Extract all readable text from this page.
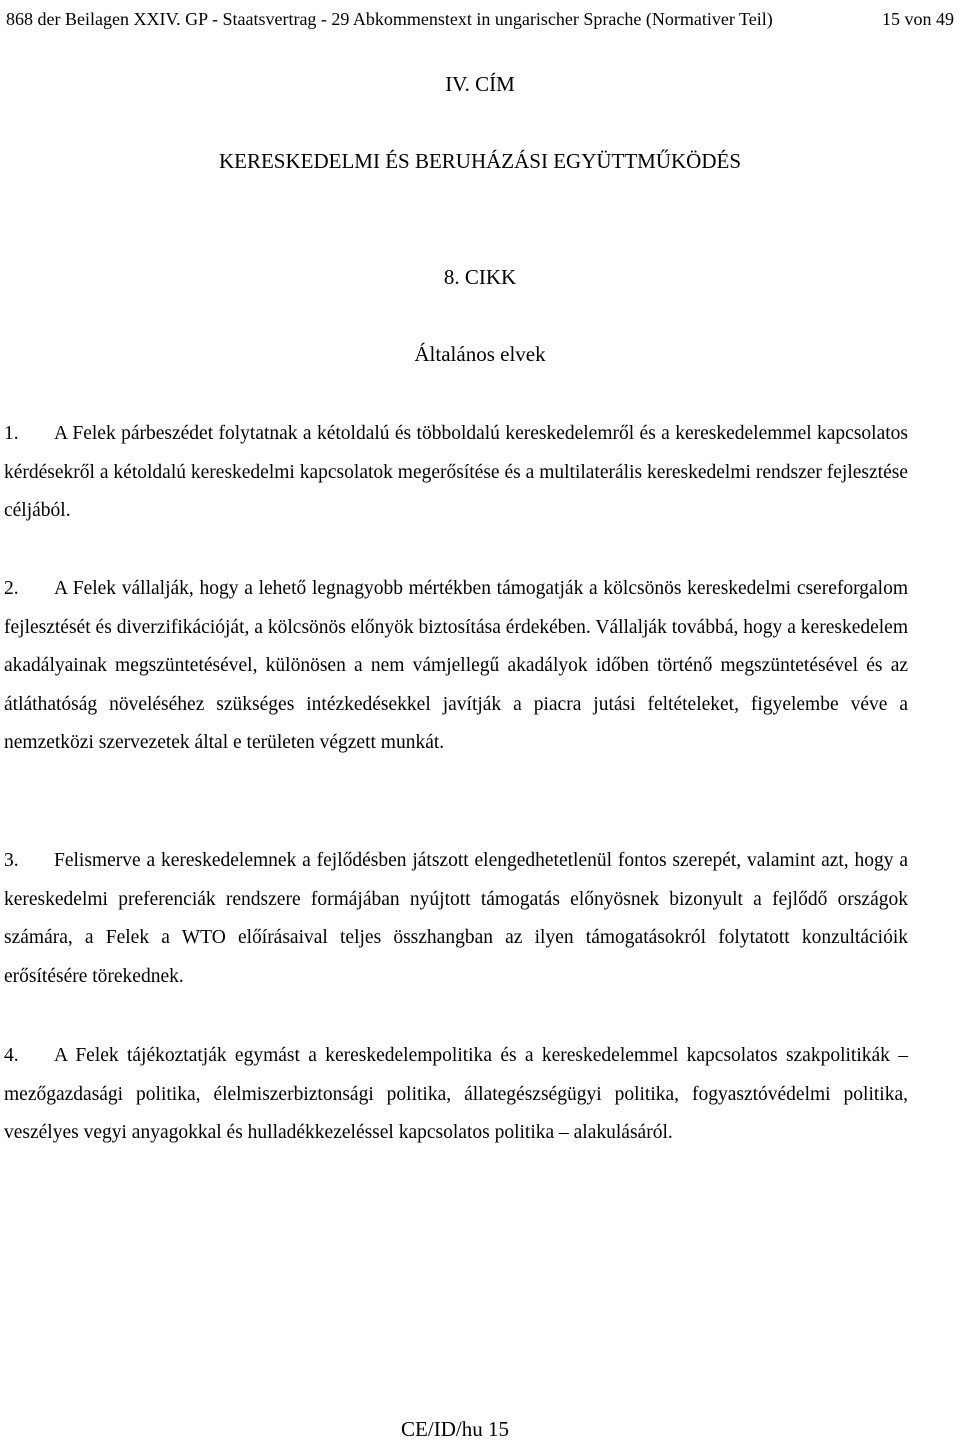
868 der Beilagen XXIV. GP - Staatsvertrag - 29 Abkommenstext in ungarischer Sprache (Normativer Teil)	15 von 49
IV. CÍM
KERESKEDELMI ÉS BERUHÁZÁSI EGYÜTTMŰKÖDÉS
8. CIKK
Általános elvek

1. A Felek párbeszédet folytatnak a kétoldalú és többoldalú kereskedelemről és a kereskedelemmel kapcsolatos kérdésekről a kétoldalú kereskedelmi kapcsolatok megerősítése és a multilaterális kereskedelmi rendszer fejlesztése céljából.

2. A Felek vállalják, hogy a lehető legnagyobb mértékben támogatják a kölcsönös kereskedelmi csereforgalom fejlesztését és diverzifikációját, a kölcsönös előnyök biztosítása érdekében. Vállalják továbbá, hogy a kereskedelem akadályainak megszüntetésével, különösen a nem vámjellegű akadályok időben történő megszüntetésével és az átláthatóság növeléséhez szükséges intézkedésekkel javítják a piacra jutási feltételeket, figyelembe véve a nemzetközi szervezetek által e területen végzett munkát.

3. Felismerve a kereskedelemnek a fejlődésben játszott elengedhetetlenül fontos szerepét, valamint azt, hogy a kereskedelmi preferenciák rendszere formájában nyújtott támogatás előnyösnek bizonyult a fejlődő országok számára, a Felek a WTO előírásaival teljes összhangban az ilyen támogatásokról folytatott konzultációik erősítésére törekednek.

4. A Felek tájékoztatják egymást a kereskedelempolitika és a kereskedelemmel kapcsolatos szakpolitikák – mezőgazdasági politika, élelmiszerbiztonsági politika, állategészségügyi politika, fogyasztóvédelmi politika, veszélyes vegyi anyagokkal és hulladékkezeléssel kapcsolatos politika – alakulásáról.

CE/ID/hu 15
